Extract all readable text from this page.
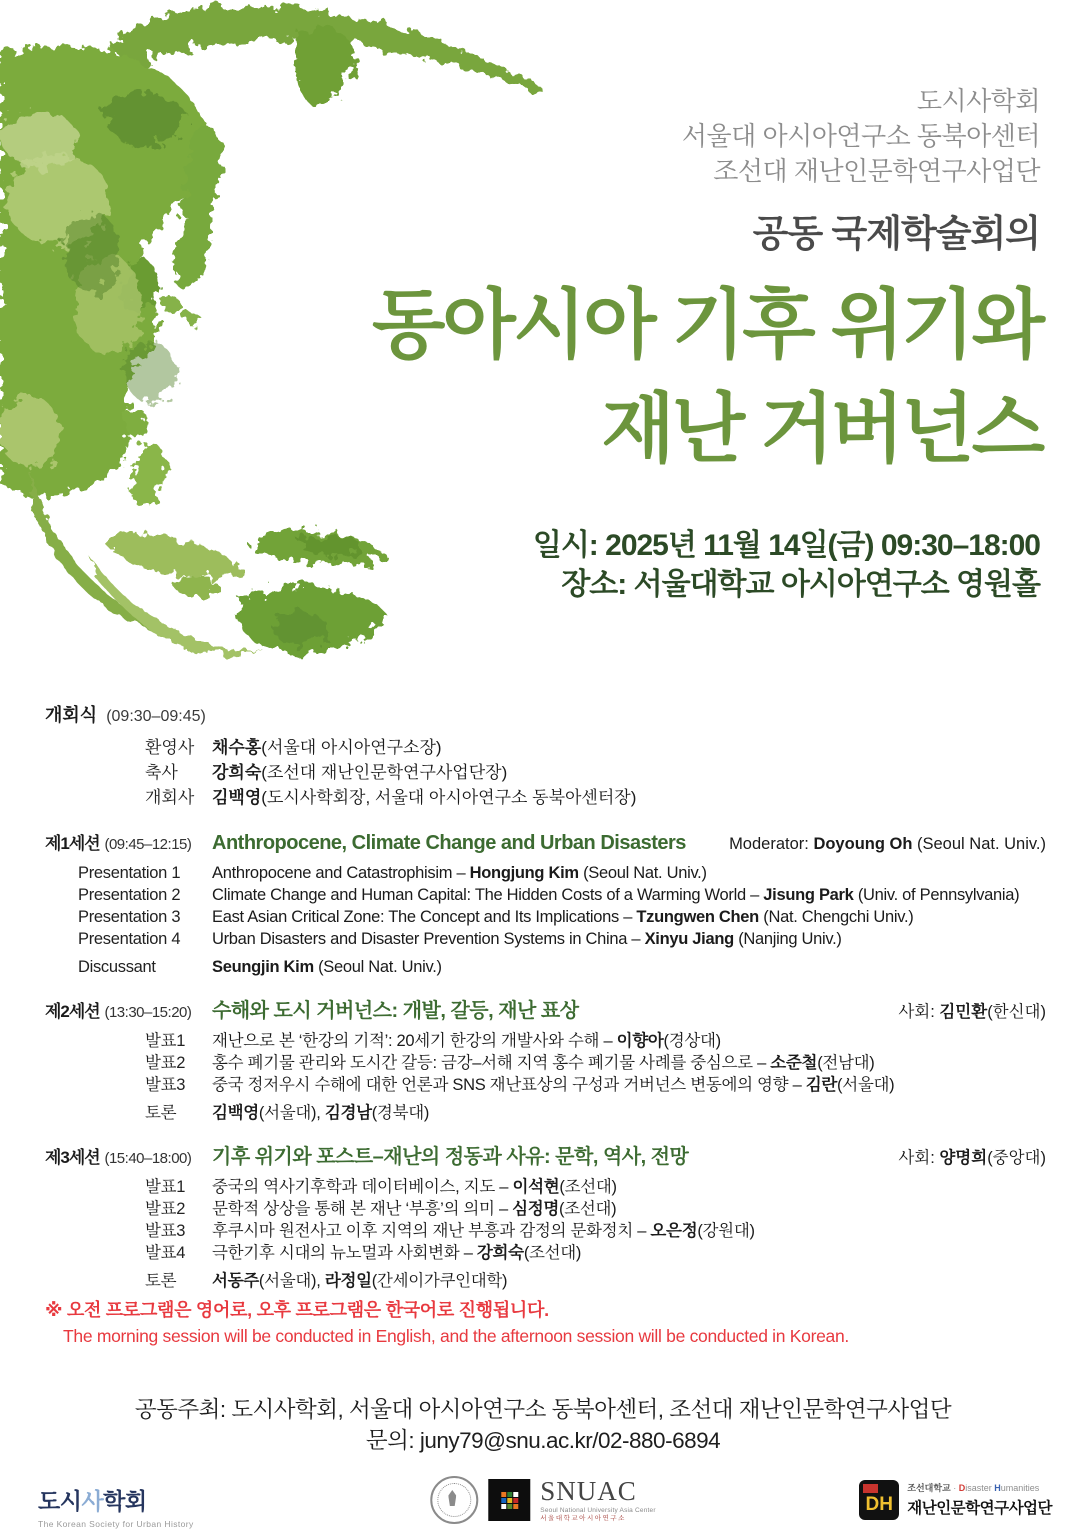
도시사학회
서울대 아시아연구소 동북아센터
조선대 재난인문학연구사업단
공동 국제학술회의
동아시아 기후 위기와
재난 거버넌스
일시: 2025년 11월 14일(금) 09:30–18:00
장소: 서울대학교 아시아연구소 영원홀
개회식 (09:30–09:45)
환영사	채수홍(서울대 아시아연구소장)
축사	강희숙(조선대 재난인문학연구사업단장)
개회사	김백영(도시사학회장, 서울대 아시아연구소 동북아센터장)
제1세션 (09:45–12:15)	Anthropocene, Climate Change and Urban Disasters	Moderator: Doyoung Oh (Seoul Nat. Univ.)
Presentation 1	Anthropocene and Catastrophisim – Hongjung Kim (Seoul Nat. Univ.)
Presentation 2	Climate Change and Human Capital: The Hidden Costs of a Warming World – Jisung Park (Univ. of Pennsylvania)
Presentation 3	East Asian Critical Zone: The Concept and Its Implications – Tzungwen Chen (Nat. Chengchi Univ.)
Presentation 4	Urban Disasters and Disaster Prevention Systems in China – Xinyu Jiang (Nanjing Univ.)
Discussant	Seungjin Kim (Seoul Nat. Univ.)
제2세션 (13:30–15:20)	수해와 도시 거버넌스: 개발, 갈등, 재난 표상	사회: 김민환(한신대)
발표1	재난으로 본 ‘한강의 기적’: 20세기 한강의 개발사와 수해 – 이향아(경상대)
발표2	홍수 폐기물 관리와 도시간 갈등: 금강–서해 지역 홍수 폐기물 사례를 중심으로 – 소준철(전남대)
발표3	중국 정저우시 수해에 대한 언론과 SNS 재난표상의 구성과 거버넌스 변동에의 영향 – 김란(서울대)
토론	김백영(서울대), 김경남(경북대)
제3세션 (15:40–18:00)	기후 위기와 포스트–재난의 정동과 사유: 문학, 역사, 전망	사회: 양명희(중앙대)
발표1	중국의 역사기후학과 데이터베이스, 지도 – 이석현(조선대)
발표2	문학적 상상을 통해 본 재난 ‘부흥’의 의미 – 심정명(조선대)
발표3	후쿠시마 원전사고 이후 지역의 재난 부흥과 감정의 문화정치 – 오은정(강원대)
발표4	극한기후 시대의 뉴노멀과 사회변화 – 강희숙(조선대)
토론	서동주(서울대), 라정일(간세이가쿠인대학)
※ 오전 프로그램은 영어로, 오후 프로그램은 한국어로 진행됩니다.
The morning session will be conducted in English, and the afternoon session will be conducted in Korean.
공동주최: 도시사학회, 서울대 아시아연구소 동북아센터, 조선대 재난인문학연구사업단
문의: juny79@snu.ac.kr/02-880-6894
도시사학회
The Korean Society for Urban History
SNUAC
Seoul National University Asia Center
서울대학교아시아연구소
DH
조선대학교 · Disaster Humanities
재난인문학연구사업단
